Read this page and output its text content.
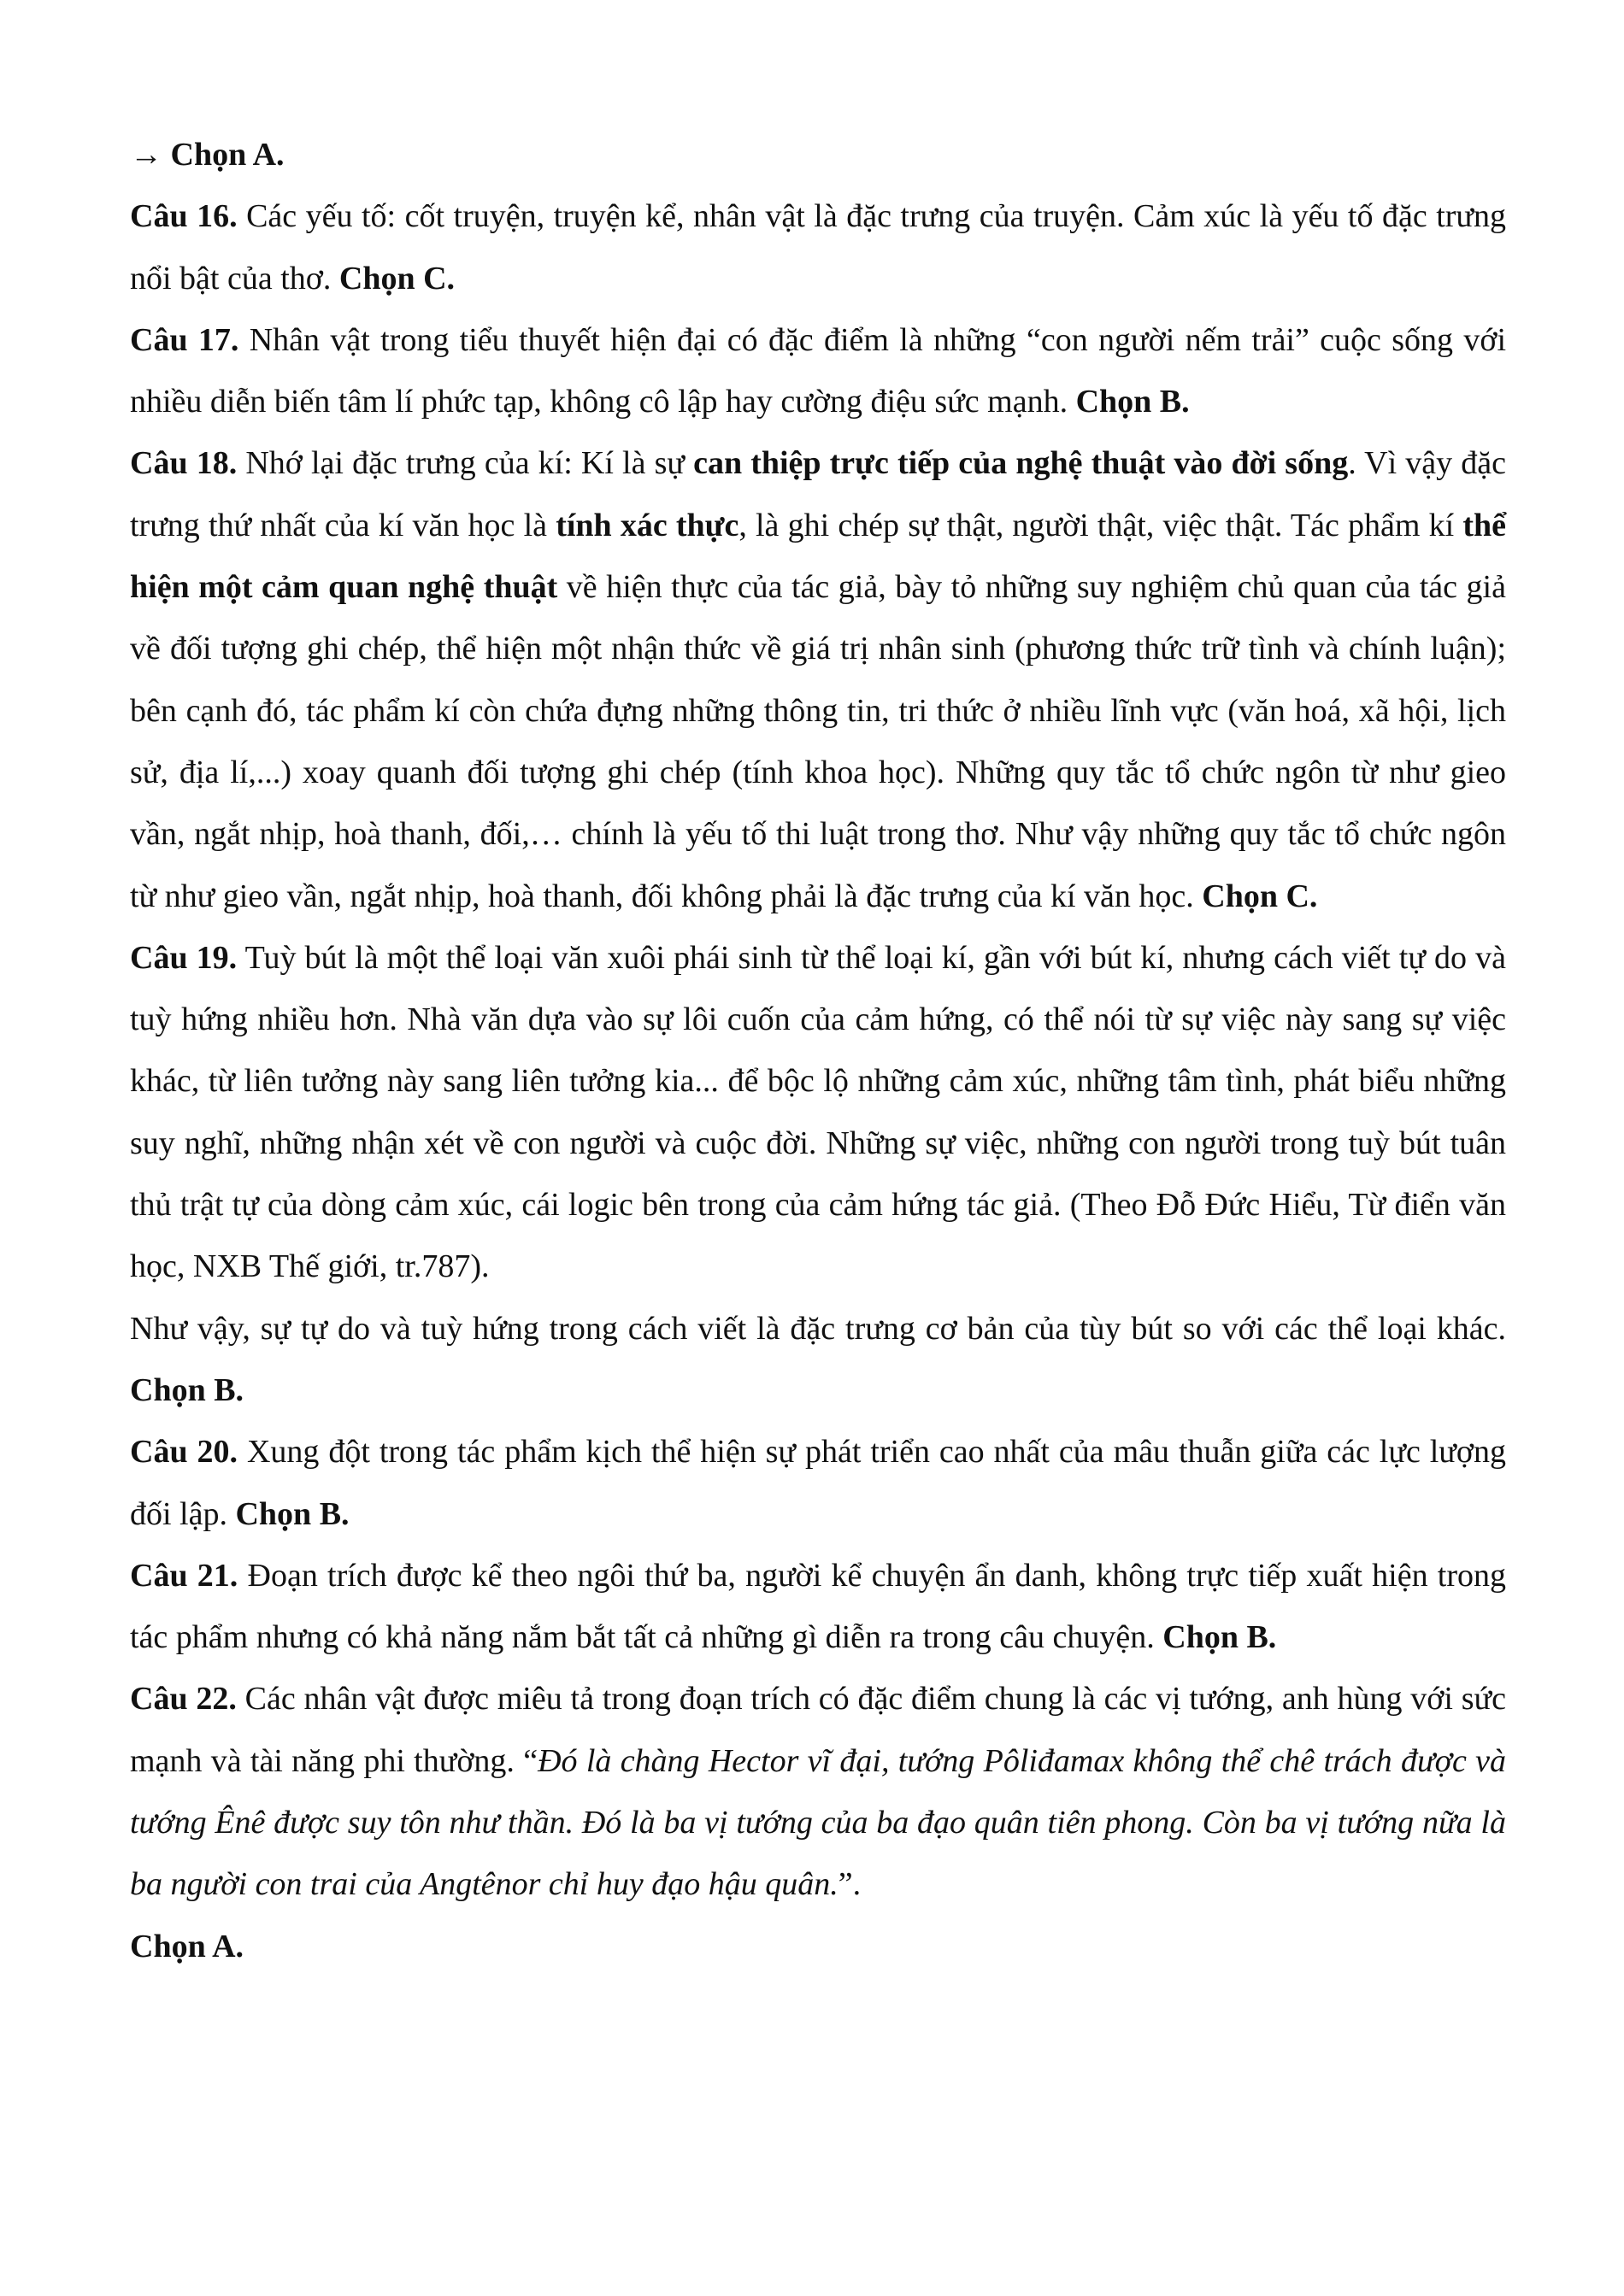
→ Chọn A.

Câu 16. Các yếu tố: cốt truyện, truyện kể, nhân vật là đặc trưng của truyện. Cảm xúc là yếu tố đặc trưng nổi bật của thơ. Chọn C.

Câu 17. Nhân vật trong tiểu thuyết hiện đại có đặc điểm là những “con người nếm trải” cuộc sống với nhiều diễn biến tâm lí phức tạp, không cô lập hay cường điệu sức mạnh. Chọn B.

Câu 18. Nhớ lại đặc trưng của kí: Kí là sự can thiệp trực tiếp của nghệ thuật vào đời sống. Vì vậy đặc trưng thứ nhất của kí văn học là tính xác thực, là ghi chép sự thật, người thật, việc thật. Tác phẩm kí thể hiện một cảm quan nghệ thuật về hiện thực của tác giả, bày tỏ những suy nghiệm chủ quan của tác giả về đối tượng ghi chép, thể hiện một nhận thức về giá trị nhân sinh (phương thức trữ tình và chính luận); bên cạnh đó, tác phẩm kí còn chứa đựng những thông tin, tri thức ở nhiều lĩnh vực (văn hoá, xã hội, lịch sử, địa lí,...) xoay quanh đối tượng ghi chép (tính khoa học). Những quy tắc tổ chức ngôn từ như gieo vần, ngắt nhịp, hoà thanh, đối,… chính là yếu tố thi luật trong thơ. Như vậy những quy tắc tổ chức ngôn từ như gieo vần, ngắt nhịp, hoà thanh, đối không phải là đặc trưng của kí văn học. Chọn C.

Câu 19. Tuỳ bút là một thể loại văn xuôi phái sinh từ thể loại kí, gần với bút kí, nhưng cách viết tự do và tuỳ hứng nhiều hơn. Nhà văn dựa vào sự lôi cuốn của cảm hứng, có thể nói từ sự việc này sang sự việc khác, từ liên tưởng này sang liên tưởng kia... để bộc lộ những cảm xúc, những tâm tình, phát biểu những suy nghĩ, những nhận xét về con người và cuộc đời. Những sự việc, những con người trong tuỳ bút tuân thủ trật tự của dòng cảm xúc, cái logic bên trong của cảm hứng tác giả. (Theo Đỗ Đức Hiểu, Từ điển văn học, NXB Thế giới, tr.787).

Như vậy, sự tự do và tuỳ hứng trong cách viết là đặc trưng cơ bản của tùy bút so với các thể loại khác. Chọn B.

Câu 20. Xung đột trong tác phẩm kịch thể hiện sự phát triển cao nhất của mâu thuẫn giữa các lực lượng đối lập. Chọn B.

Câu 21. Đoạn trích được kể theo ngôi thứ ba, người kể chuyện ẩn danh, không trực tiếp xuất hiện trong tác phẩm nhưng có khả năng nắm bắt tất cả những gì diễn ra trong câu chuyện. Chọn B.

Câu 22. Các nhân vật được miêu tả trong đoạn trích có đặc điểm chung là các vị tướng, anh hùng với sức mạnh và tài năng phi thường. “Đó là chàng Hector vĩ đại, tướng Pôliđamax không thể chê trách được và tướng Ênê được suy tôn như thần. Đó là ba vị tướng của ba đạo quân tiên phong. Còn ba vị tướng nữa là ba người con trai của Angtênor chỉ huy đạo hậu quân.”.

Chọn A.
